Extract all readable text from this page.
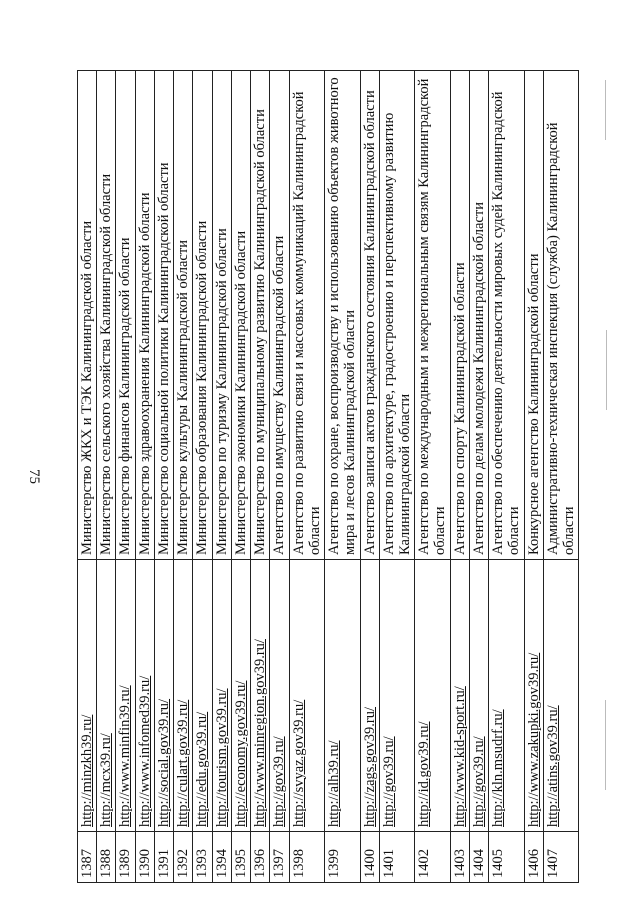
75
1387	http://minzkh39.ru/	Министерство ЖКХ и ТЭК Калининградской области
1388	http://mcx39.ru/	Министерство сельского хозяйства Калининградской области
1389	http://www.minfin39.ru/	Министерство финансов Калининградской области
1390	http://www.infomed39.ru/	Министерство здравоохранения Калининградской области
1391	http://social.gov39.ru/	Министерство социальной политики Калининградской области
1392	http://culart.gov39.ru/	Министерство культуры Калининградской области
1393	http://edu.gov39.ru/	Министерство образования Калининградской области
1394	http://tourism.gov39.ru/	Министерство по туризму Калининградской области
1395	http://economy.gov39.ru/	Министерство экономики Калининградской области
1396	http://www.minregion.gov39.ru/	Министерство по муниципальному развитию Калининградской области
1397	http://gov39.ru/	Агентство по имуществу Калининградской области
1398	http://svyaz.gov39.ru/	Агентство по развитию связи и массовых коммуникаций Калининградской области
1399	http://alh39.ru/	Агентство по охране, воспроизводству и использованию объектов животного мира и лесов Калининградской области
1400	http://zags.gov39.ru/	Агентство записи актов гражданского состояния Калининградской области
1401	http://gov39.ru/	Агентство по архитектуре, градостроению и перспективному развитию Калининградской области
1402	http://id.gov39.ru/	Агентство по международным и межрегиональным связям Калининградской области
1403	http://www.kid-sport.ru/	Агентство по спорту Калининградской области
1404	http://gov39.ru/	Агентство по делам молодежи Калининградской области
1405	http://kln.msudrf.ru/	Агентство по обеспечению деятельности мировых судей Калининградской области
1406	http://www.zakupki.gov39.ru/	Конкурсное агентство Калининградской области
1407	http://atins.gov39.ru/	Административно-техническая инспекция (служба) Калининградской области
